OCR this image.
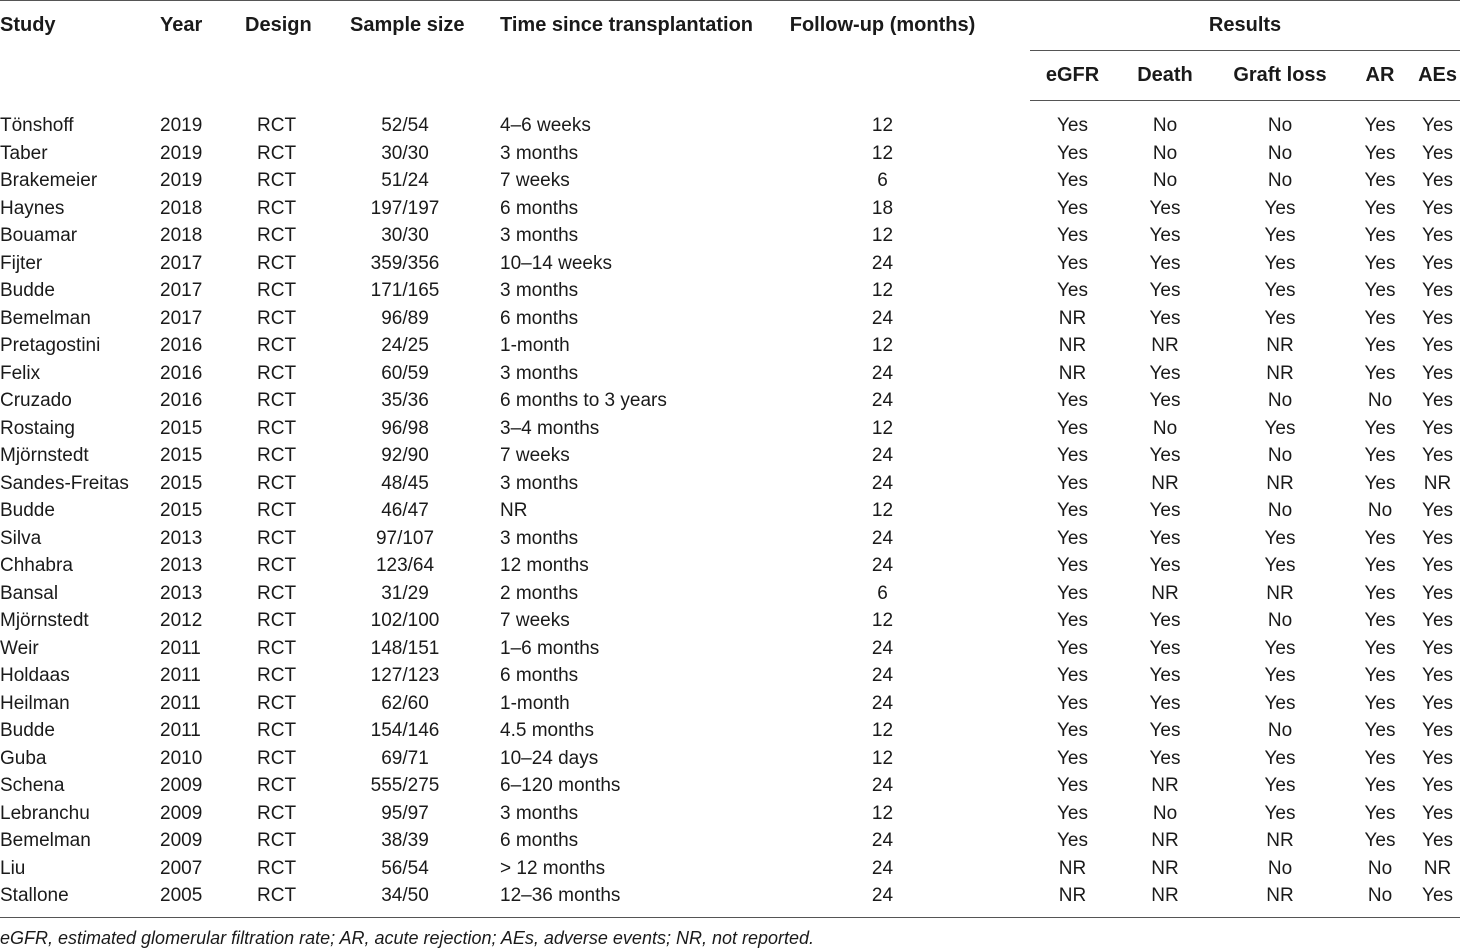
Study	Year	Design	Sample size	Time since transplantation	Follow-up (months)	Results				
						eGFR	Death	Graft loss	AR	AEs
Tönshoff	2019	RCT	52/54	4–6 weeks	12	Yes	No	No	Yes	Yes
Taber	2019	RCT	30/30	3 months	12	Yes	No	No	Yes	Yes
Brakemeier	2019	RCT	51/24	7 weeks	6	Yes	No	No	Yes	Yes
Haynes	2018	RCT	197/197	6 months	18	Yes	Yes	Yes	Yes	Yes
Bouamar	2018	RCT	30/30	3 months	12	Yes	Yes	Yes	Yes	Yes
Fijter	2017	RCT	359/356	10–14 weeks	24	Yes	Yes	Yes	Yes	Yes
Budde	2017	RCT	171/165	3 months	12	Yes	Yes	Yes	Yes	Yes
Bemelman	2017	RCT	96/89	6 months	24	NR	Yes	Yes	Yes	Yes
Pretagostini	2016	RCT	24/25	1-month	12	NR	NR	NR	Yes	Yes
Felix	2016	RCT	60/59	3 months	24	NR	Yes	NR	Yes	Yes
Cruzado	2016	RCT	35/36	6 months to 3 years	24	Yes	Yes	No	No	Yes
Rostaing	2015	RCT	96/98	3–4 months	12	Yes	No	Yes	Yes	Yes
Mjörnstedt	2015	RCT	92/90	7 weeks	24	Yes	Yes	No	Yes	Yes
Sandes-Freitas	2015	RCT	48/45	3 months	24	Yes	NR	NR	Yes	NR
Budde	2015	RCT	46/47	NR	12	Yes	Yes	No	No	Yes
Silva	2013	RCT	97/107	3 months	24	Yes	Yes	Yes	Yes	Yes
Chhabra	2013	RCT	123/64	12 months	24	Yes	Yes	Yes	Yes	Yes
Bansal	2013	RCT	31/29	2 months	6	Yes	NR	NR	Yes	Yes
Mjörnstedt	2012	RCT	102/100	7 weeks	12	Yes	Yes	No	Yes	Yes
Weir	2011	RCT	148/151	1–6 months	24	Yes	Yes	Yes	Yes	Yes
Holdaas	2011	RCT	127/123	6 months	24	Yes	Yes	Yes	Yes	Yes
Heilman	2011	RCT	62/60	1-month	24	Yes	Yes	Yes	Yes	Yes
Budde	2011	RCT	154/146	4.5 months	12	Yes	Yes	No	Yes	Yes
Guba	2010	RCT	69/71	10–24 days	12	Yes	Yes	Yes	Yes	Yes
Schena	2009	RCT	555/275	6–120 months	24	Yes	NR	Yes	Yes	Yes
Lebranchu	2009	RCT	95/97	3 months	12	Yes	No	Yes	Yes	Yes
Bemelman	2009	RCT	38/39	6 months	24	Yes	NR	NR	Yes	Yes
Liu	2007	RCT	56/54	> 12 months	24	NR	NR	No	No	NR
Stallone	2005	RCT	34/50	12–36 months	24	NR	NR	NR	No	Yes
eGFR, estimated glomerular filtration rate; AR, acute rejection; AEs, adverse events; NR, not reported.
